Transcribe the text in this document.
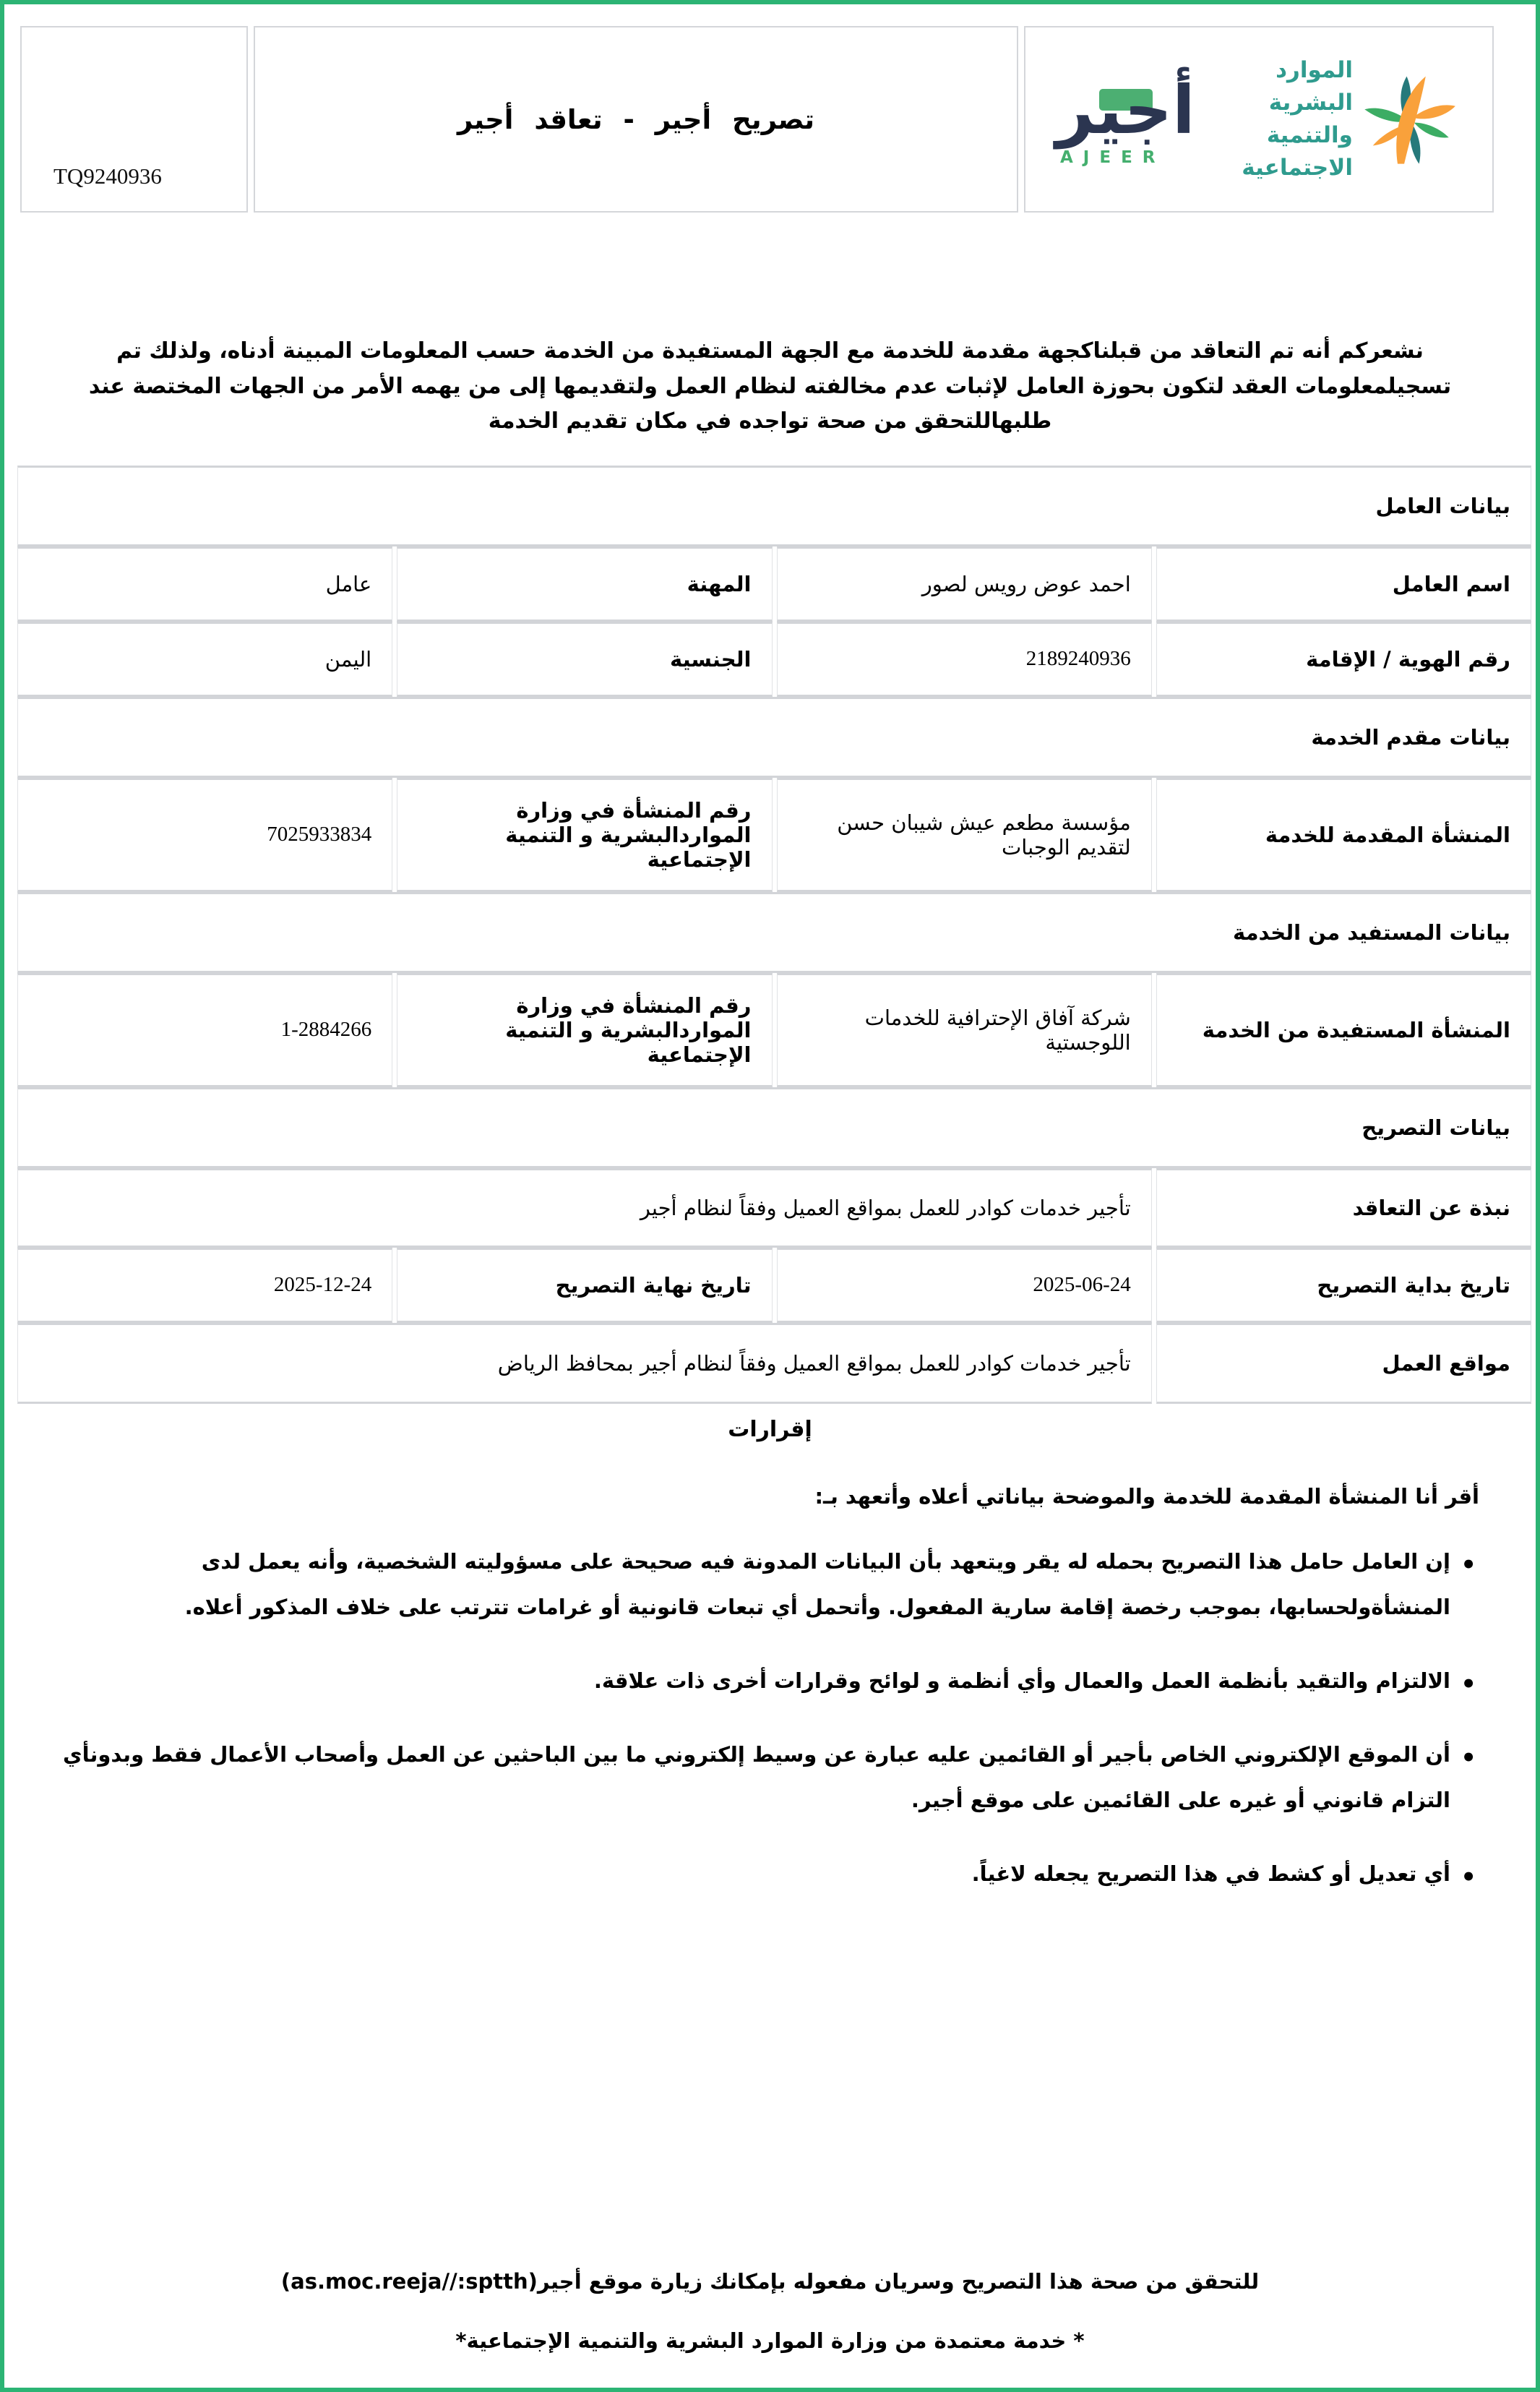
TQ9240936
تصريح أجير - تعاقد أجير	أجير
AJEER
الموارد البشرية
والتنمية الاجتماعية
نشعركم أنه تم التعاقد من قبلناكجهة مقدمة للخدمة مع الجهة المستفيدة من الخدمة حسب المعلومات المبينة أدناه، ولذلك تم تسجيلمعلومات العقد لتكون بحوزة العامل لإثبات عدم مخالفته لنظام العمل ولتقديمها إلى من يهمه الأمر من الجهات المختصة عند طلبهاللتحقق من صحة تواجده في مكان تقديم الخدمة
بيانات العامل			
اسم العامل	احمد عوض رويس لصور	المهنة	عامل
رقم الهوية / الإقامة	2189240936	الجنسية	اليمن
بيانات مقدم الخدمة			
المنشأة المقدمة للخدمة	مؤسسة مطعم عيش شيبان حسن لتقديم الوجبات	رقم المنشأة في وزارة المواردالبشرية و التنمية الإجتماعية	7025933834
بيانات المستفيد من الخدمة			
المنشأة المستفيدة من الخدمة	شركة آفاق الإحترافية للخدمات اللوجستية	رقم المنشأة في وزارة المواردالبشرية و التنمية الإجتماعية	1-2884266
بيانات التصريح			
نبذة عن التعاقد	تأجير خدمات كوادر للعمل بمواقع العميل وفقاً لنظام أجير		
تاريخ بداية التصريح	2025-06-24	تاريخ نهاية التصريح	2025-12-24
مواقع العمل	تأجير خدمات كوادر للعمل بمواقع العميل وفقاً لنظام أجير بمحافظ الرياض		
إقرارات
أقر أنا المنشأة المقدمة للخدمة والموضحة بياناتي أعلاه وأتعهد بـ:
• إن العامل حامل هذا التصريح بحمله له يقر ويتعهد بأن البيانات المدونة فيه صحيحة على مسؤوليته الشخصية، وأنه يعمل لدى المنشأةولحسابها، بموجب رخصة إقامة سارية المفعول. وأتحمل أي تبعات قانونية أو غرامات تترتب على خلاف المذكور أعلاه.
• الالتزام والتقيد بأنظمة العمل والعمال وأي أنظمة و لوائح وقرارات أخرى ذات علاقة.
• أن الموقع الإلكتروني الخاص بأجير أو القائمين عليه عبارة عن وسيط إلكتروني ما بين الباحثين عن العمل وأصحاب الأعمال فقط وبدونأي التزام قانوني أو غيره على القائمين على موقع أجير.
• أي تعديل أو كشط في هذا التصريح يجعله لاغياً.
للتحقق من صحة هذا التصريح وسريان مفعوله بإمكانك زيارة موقع أجير(as.moc.reeja//:sptth)
* خدمة معتمدة من وزارة الموارد البشرية والتنمية الإجتماعية*
